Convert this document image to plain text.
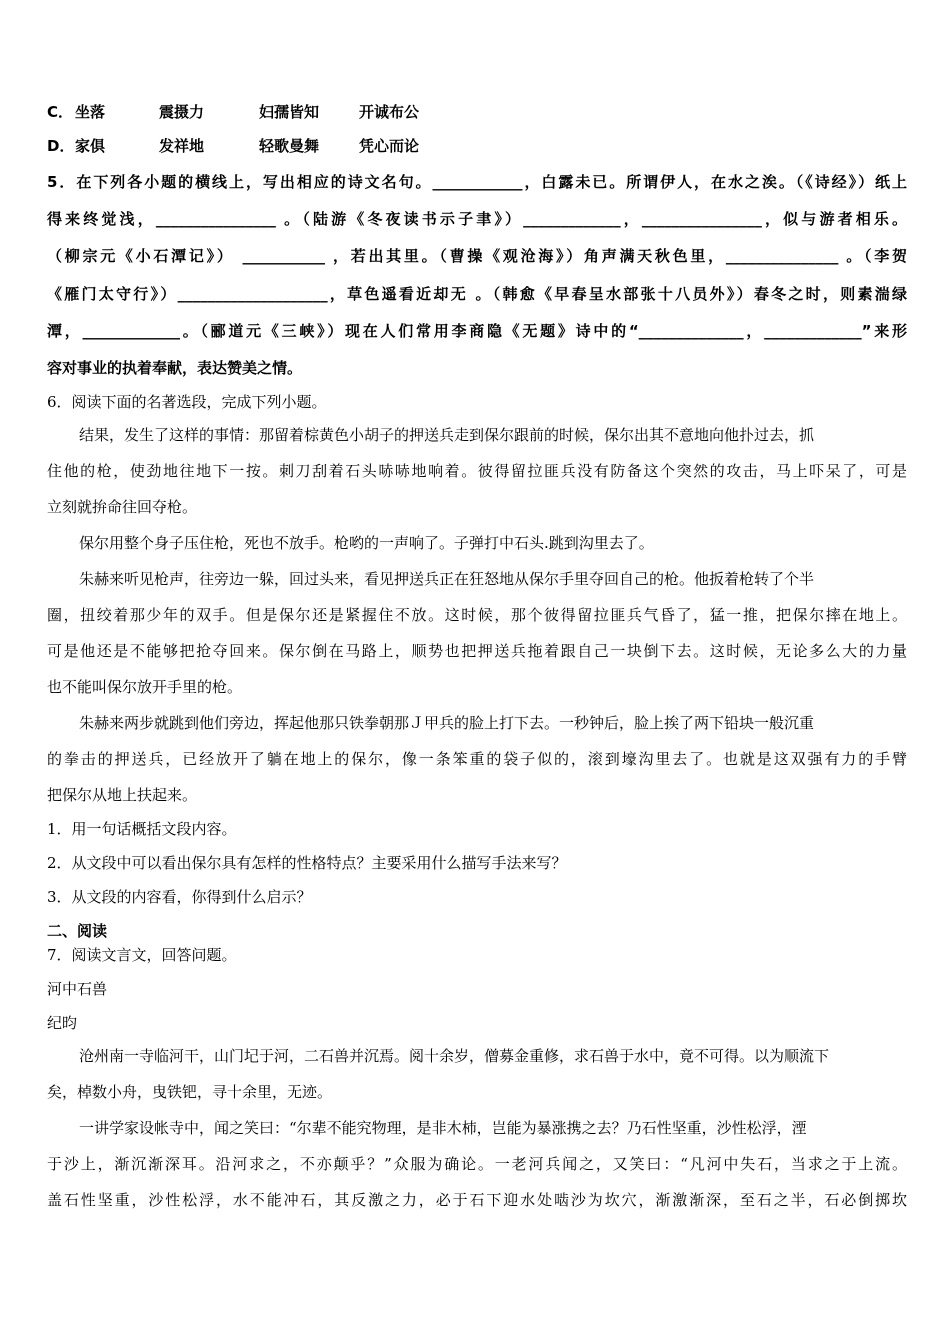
C． 坐落	震摄力	妇孺皆知	开诚布公
D．家俱	发祥地	轻歌曼舞	凭心而论
5．在下列各小题的横线上，写出相应的诗文名句。____________，白露未已。所谓伊人，在水之涘。（《诗经》）纸上
得来终觉浅，________________ 。（陆游《冬夜读书示子聿》）_____________，________________，似与游者相乐。
（柳宗元《小石潭记》） ___________ ，若出其里。（曹操《观沧海》）角声满天秋色里，_______________ 。（李贺
《雁门太守行》）____________________，草色遥看近却无 。（韩愈《早春呈水部张十八员外》）春冬之时，则素湍绿
潭，_____________。（郦道元《三峡》）现在人们常用李商隐《无题》诗中的“______________，_____________”来形
容对事业的执着奉献，表达赞美之情。
6．阅读下面的名著选段，完成下列小题。
结果，发生了这样的事情：那留着棕黄色小胡子的押送兵走到保尔跟前的时候，保尔出其不意地向他扑过去，抓
住他的枪，使劲地往地下一按。刺刀刮着石头哧哧地响着。彼得留拉匪兵没有防备这个突然的攻击，马上吓呆了，可是
立刻就拚命往回夺枪。
保尔用整个身子压住枪，死也不放手。枪哟的一声响了。子弹打中石头.跳到沟里去了。
朱赫来听见枪声，往旁边一躲，回过头来，看见押送兵正在狂怒地从保尔手里夺回自己的枪。他扳着枪转了个半
圈，扭绞着那少年的双手。但是保尔还是紧握住不放。这时候，那个彼得留拉匪兵气昏了，猛一推，把保尔摔在地上。
可是他还是不能够把抢夺回来。保尔倒在马路上，顺势也把押送兵拖着跟自己一块倒下去。这时候，无论多么大的力量
也不能叫保尔放开手里的枪。
朱赫来两步就跳到他们旁边，挥起他那只铁拳朝那Ｊ甲兵的脸上打下去。一秒钟后，脸上挨了两下铅块一般沉重
的拳击的押送兵，已经放开了躺在地上的保尔，像一条笨重的袋子似的，滚到壕沟里去了。也就是这双强有力的手臂
把保尔从地上扶起来。
1．用一句话概括文段内容。
2．从文段中可以看出保尔具有怎样的性格特点？主要采用什么描写手法来写？
3．从文段的内容看，你得到什么启示？
二、阅读
7．阅读文言文，回答问题。
河中石兽
纪昀
沧州南一寺临河干，山门圮于河，二石兽并沉焉。阅十余岁，僧募金重修，求石兽于水中，竟不可得。以为顺流下
矣，棹数小舟，曳铁钯，寻十余里，无迹。
一讲学家设帐寺中，闻之笑曰：“尔辈不能究物理，是非木杮，岂能为暴涨携之去？乃石性坚重，沙性松浮，湮
于沙上，渐沉渐深耳。沿河求之，不亦颠乎？”众服为确论。一老河兵闻之，又笑曰：“凡河中失石，当求之于上流。
盖石性坚重，沙性松浮，水不能冲石，其反激之力，必于石下迎水处啮沙为坎穴，渐激渐深，至石之半，石必倒掷坎
